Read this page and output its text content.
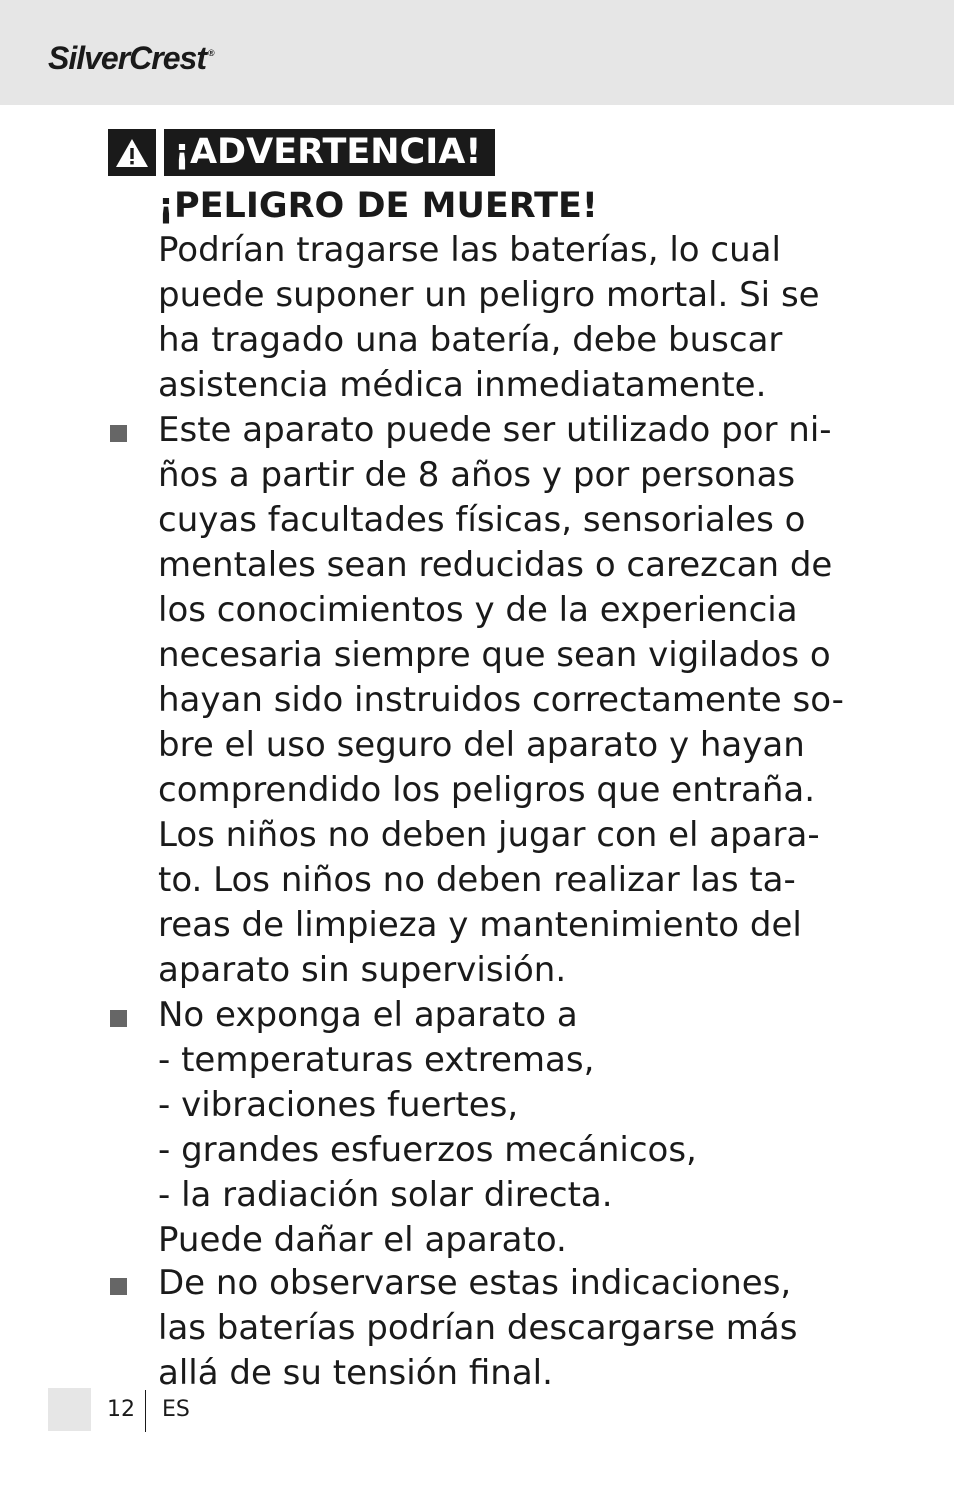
SilverCrest ®
¡ADVERTENCIA!
¡PELIGRO DE MUERTE!
Podrían tragarse las baterías, lo cual
puede suponer un peligro mortal. Si se
ha tragado una batería, debe buscar
asistencia médica inmediatamente.
Este aparato puede ser utilizado por ni-
ños a partir de 8 años y por personas
cuyas facultades físicas, sensoriales o
mentales sean reducidas o carezcan de
los conocimientos y de la experiencia
necesaria siempre que sean vigilados o
hayan sido instruidos correctamente so-
bre el uso seguro del aparato y hayan
comprendido los peligros que entraña.
Los niños no deben jugar con el apara-
to. Los niños no deben realizar las ta-
reas de limpieza y mantenimiento del
aparato sin supervisión.
No exponga el aparato a
- temperaturas extremas,
- vibraciones fuertes,
- grandes esfuerzos mecánicos,
- la radiación solar directa.
Puede dañar el aparato.
De no observarse estas indicaciones,
las baterías podrían descargarse más
allá de su tensión final.
12 ES
